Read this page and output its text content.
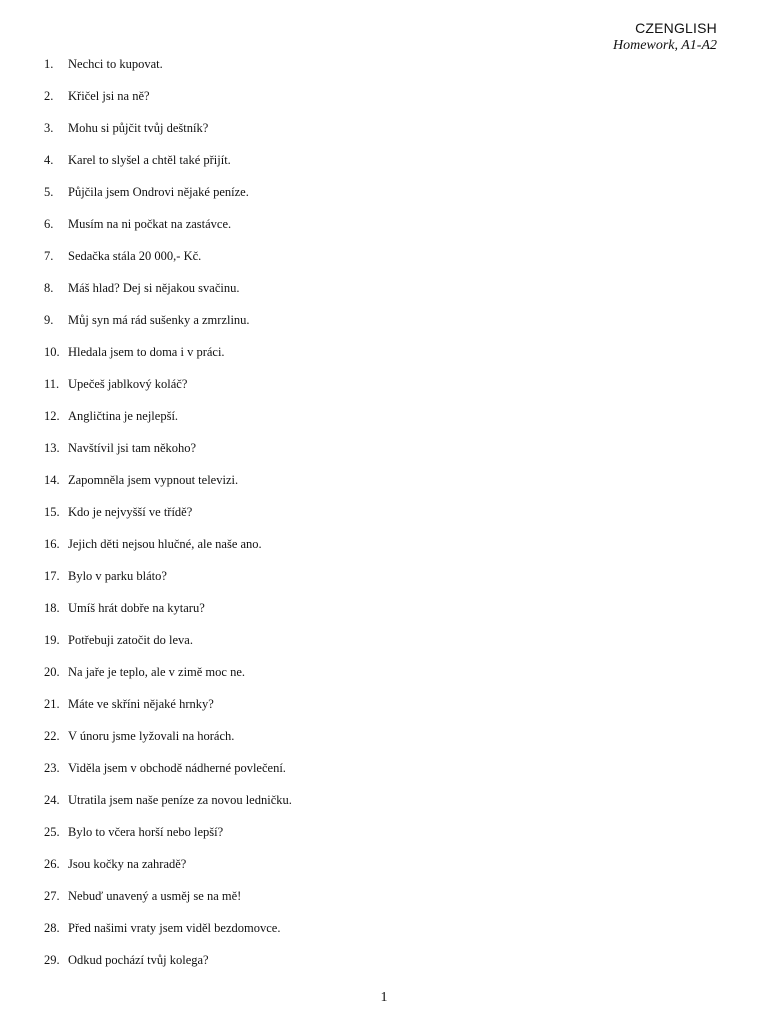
CZENGLISH
Homework, A1-A2
1.	Nechci to kupovat.
2.	Křičel jsi na ně?
3.	Mohu si půjčit tvůj deštník?
4.	Karel to slyšel a chtěl také přijít.
5.	Půjčila jsem Ondrovi nějaké peníze.
6.	Musím na ni počkat na zastávce.
7.	Sedačka stála 20 000,- Kč.
8.	Máš hlad? Dej si nějakou svačinu.
9.	Můj syn má rád sušenky a zmrzlinu.
10. Hledala jsem to doma i v práci.
11. Upečeš jablkový koláč?
12. Angličtina je nejlepší.
13. Navštívil jsi tam někoho?
14. Zapomněla jsem vypnout televizi.
15. Kdo je nejvyšší ve třídě?
16. Jejich děti nejsou hlučné, ale naše ano.
17. Bylo v parku bláto?
18. Umíš hrát dobře na kytaru?
19. Potřebuji zatočit do leva.
20. Na jaře je teplo, ale v zimě moc ne.
21. Máte ve skříni nějaké hrnky?
22. V únoru jsme lyžovali na horách.
23. Viděla jsem v obchodě nádherné povlečení.
24. Utratila jsem naše peníze za novou ledničku.
25. Bylo to včera horší nebo lepší?
26. Jsou kočky na zahradě?
27. Nebuď unavený a usměj se na mě!
28. Před našimi vraty jsem viděl bezdomovce.
29. Odkud pochází tvůj kolega?
1
